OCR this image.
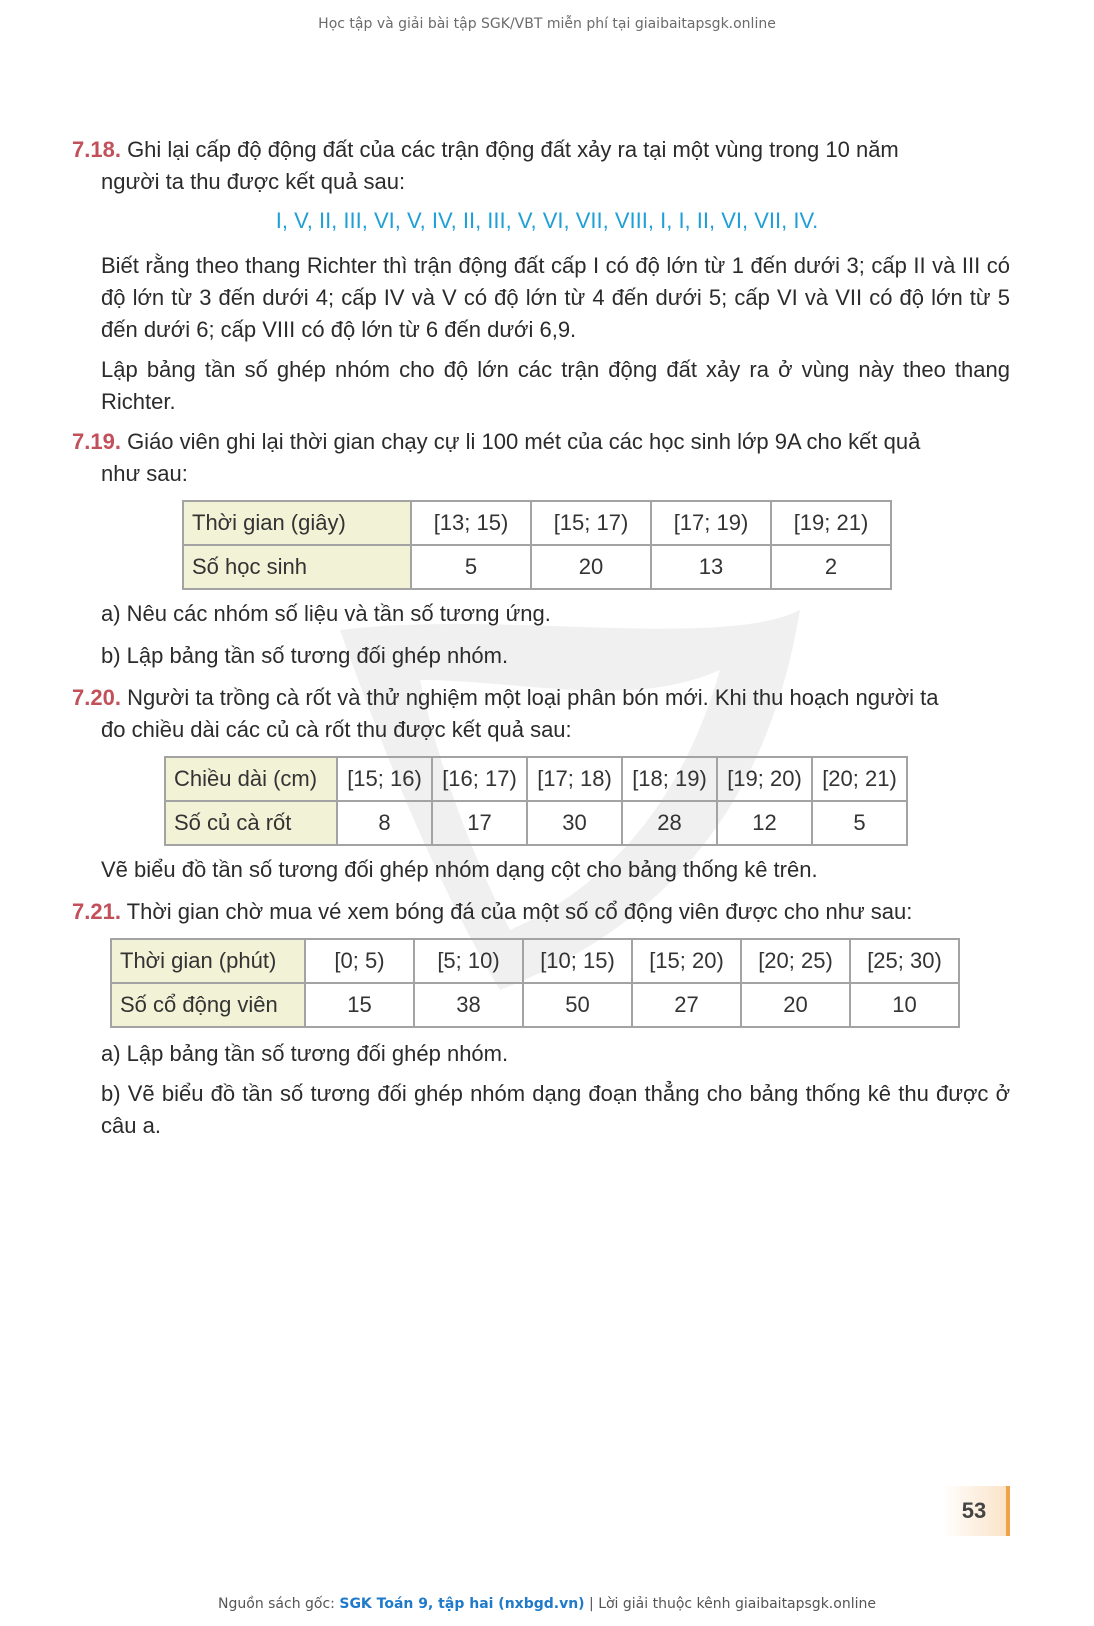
Học tập và giải bài tập SGK/VBT miễn phí tại giaibaitapsgk.online
7.18. Ghi lại cấp độ động đất của các trận động đất xảy ra tại một vùng trong 10 năm
người ta thu được kết quả sau:
I, V, II, III, VI, V, IV, II, III, V, VI, VII, VIII, I, I, II, VI, VII, IV.
Biết rằng theo thang Richter thì trận động đất cấp I có độ lớn từ 1 đến dưới 3; cấp II và III có độ lớn từ 3 đến dưới 4; cấp IV và V có độ lớn từ 4 đến dưới 5; cấp VI và VII có độ lớn từ 5 đến dưới 6; cấp VIII có độ lớn từ 6 đến dưới 6,9.
Lập bảng tần số ghép nhóm cho độ lớn các trận động đất xảy ra ở vùng này theo thang Richter.
7.19. Giáo viên ghi lại thời gian chạy cự li 100 mét của các học sinh lớp 9A cho kết quả
như sau:
Thời gian (giây)	[13; 15)	[15; 17)	[17; 19)	[19; 21)
Số học sinh	5	20	13	2
a) Nêu các nhóm số liệu và tần số tương ứng.
b) Lập bảng tần số tương đối ghép nhóm.
7.20. Người ta trồng cà rốt và thử nghiệm một loại phân bón mới. Khi thu hoạch người ta
đo chiều dài các củ cà rốt thu được kết quả sau:
Chiều dài (cm)	[15; 16)	[16; 17)	[17; 18)	[18; 19)	[19; 20)	[20; 21)
Số củ cà rốt	8	17	30	28	12	5
Vẽ biểu đồ tần số tương đối ghép nhóm dạng cột cho bảng thống kê trên.
7.21. Thời gian chờ mua vé xem bóng đá của một số cổ động viên được cho như sau:
Thời gian (phút)	[0; 5)	[5; 10)	[10; 15)	[15; 20)	[20; 25)	[25; 30)
Số cổ động viên	15	38	50	27	20	10
a) Lập bảng tần số tương đối ghép nhóm.
b) Vẽ biểu đồ tần số tương đối ghép nhóm dạng đoạn thẳng cho bảng thống kê thu được ở câu a.
53
Nguồn sách gốc: SGK Toán 9, tập hai (nxbgd.vn) | Lời giải thuộc kênh giaibaitapsgk.online
